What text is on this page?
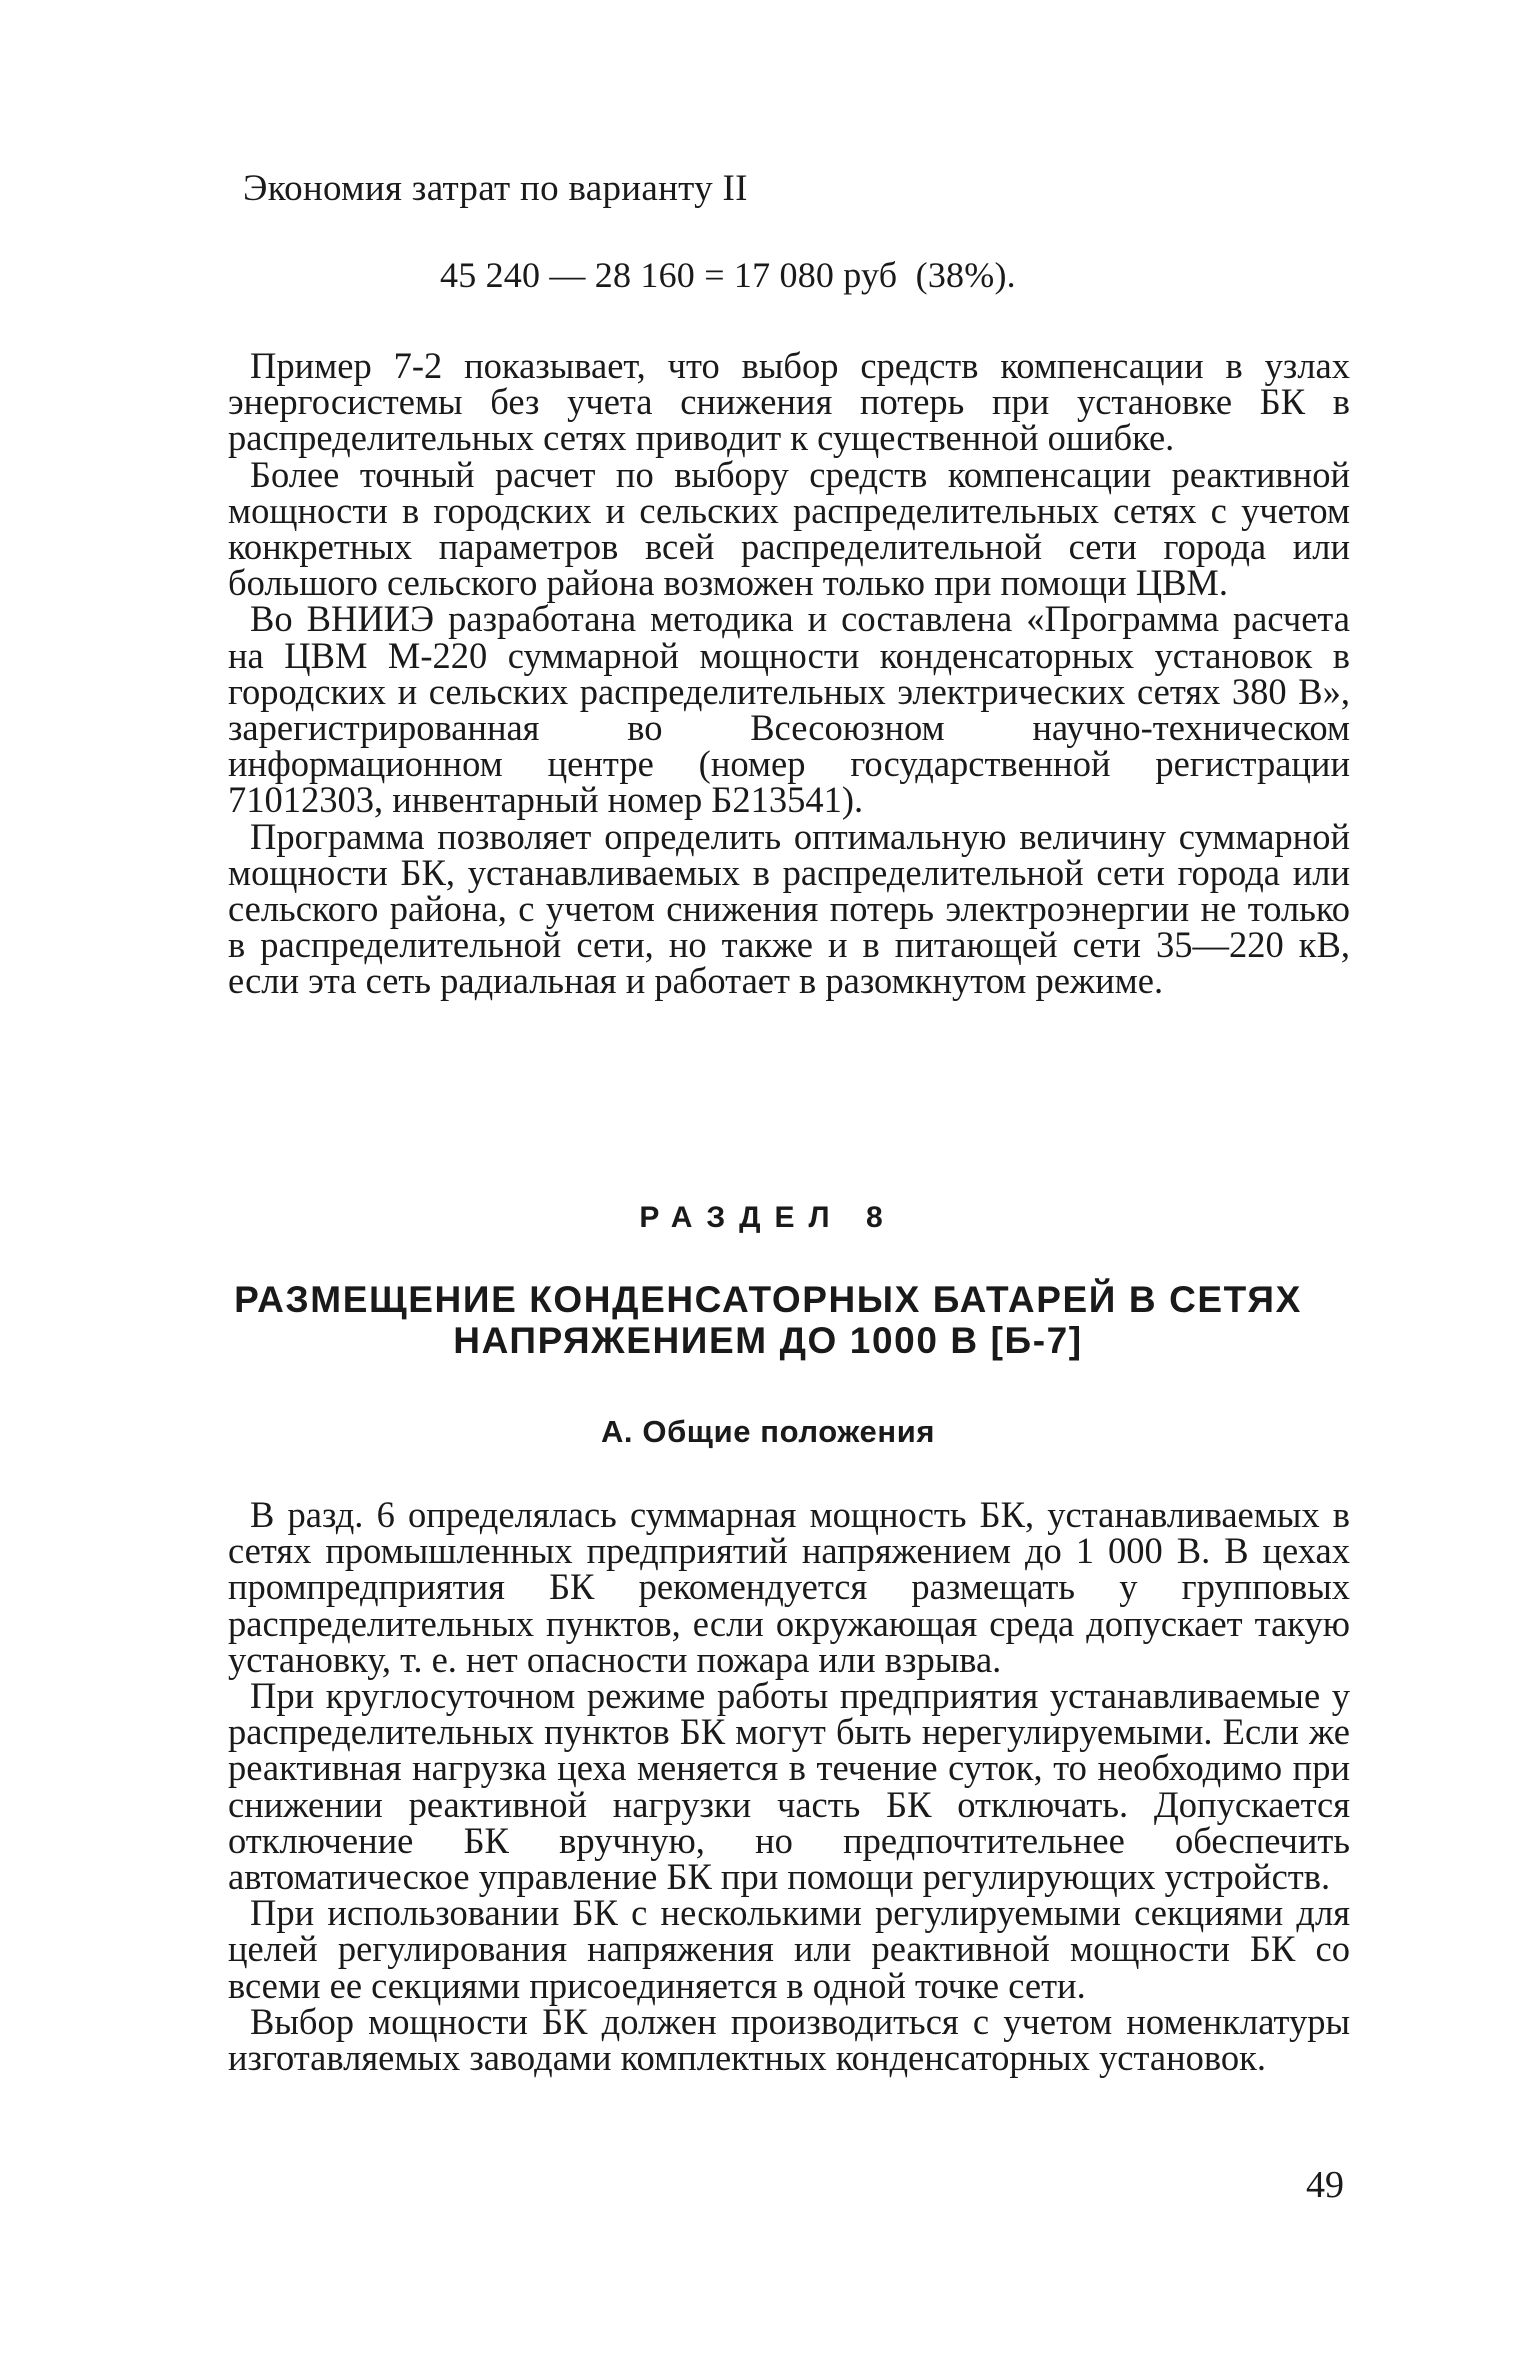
Экономия затрат по варианту II
45 240 — 28 160 = 17 080 руб  (38%).

Пример 7-2 показывает, что выбор средств компенсации в узлах энергосистемы без учета снижения потерь при установке БК в распределительных сетях приводит к существенной ошибке.

Более точный расчет по выбору средств компенсации реактивной мощности в городских и сельских распределительных сетях с учетом конкретных параметров всей распределительной сети города или большого сельского района возможен только при помощи ЦВМ.

Во ВНИИЭ разработана методика и составлена «Программа расчета на ЦВМ М-220 суммарной мощности конденсаторных установок в городских и сельских распределительных электрических сетях 380 В», зарегистрированная во Всесоюзном научно-техническом информационном центре (номер государственной регистрации 71012303, инвентарный номер Б213541).

Программа позволяет определить оптимальную величину суммарной мощности БК, устанавливаемых в распределительной сети города или сельского района, с учетом снижения потерь электроэнергии не только в распределительной сети, но также и в питающей сети 35—220 кВ, если эта сеть радиальная и работает в разомкнутом режиме.

РАЗДЕЛ 8
РАЗМЕЩЕНИЕ КОНДЕНСАТОРНЫХ БАТАРЕЙ В СЕТЯХ
НАПРЯЖЕНИЕМ ДО 1000 В [Б-7]
А. Общие положения

В разд. 6 определялась суммарная мощность БК, устанавливаемых в сетях промышленных предприятий напряжением до 1 000 В. В цехах промпредприятия БК рекомендуется размещать у групповых распределительных пунктов, если окружающая среда допускает такую установку, т. е. нет опасности пожара или взрыва.

При круглосуточном режиме работы предприятия устанавливаемые у распределительных пунктов БК могут быть нерегулируемыми. Если же реактивная нагрузка цеха меняется в течение суток, то необходимо при снижении реактивной нагрузки часть БК отключать. Допускается отключение БК вручную, но предпочтительнее обеспечить автоматическое управление БК при помощи регулирующих устройств.

При использовании БК с несколькими регулируемыми секциями для целей регулирования напряжения или реактивной мощности БК со всеми ее секциями присоединяется в одной точке сети.

Выбор мощности БК должен производиться с учетом номенклатуры изготавляемых заводами комплектных конденсаторных установок.

49
